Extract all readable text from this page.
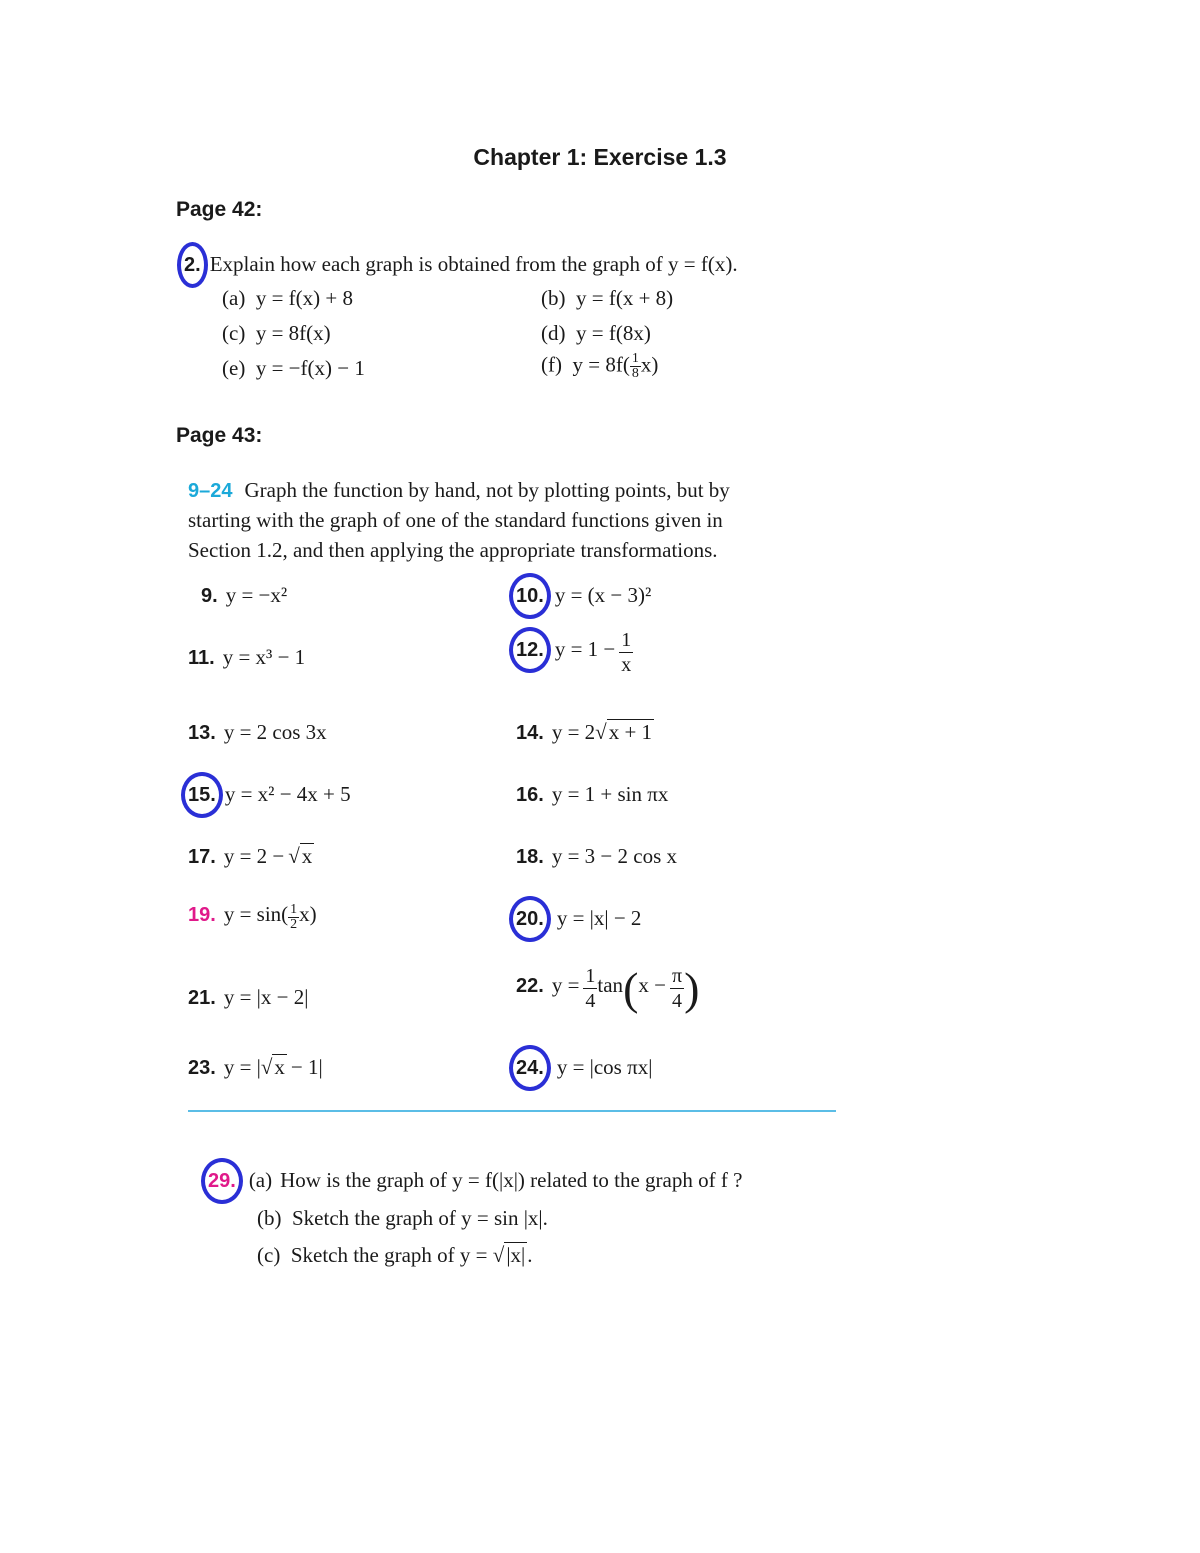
Chapter 1: Exercise 1.3
Page 42:
2. Explain how each graph is obtained from the graph of y = f(x).
(a) y = f(x) + 8	(b) y = f(x + 8)
(c) y = 8f(x)	(d) y = f(8x)
(e) y = −f(x) − 1	(f) $y = 8f( \frac{1}{8} x)$
Page 43:
9–24 Graph the function by hand, not by plotting points, but by
starting with the graph of one of the standard functions given in
Section 1.2, and then applying the appropriate transformations.
9. y = −x²	10. y = (x − 3)²
11. y = x³ − 1	12. $y = 1 - \frac{1}{x}$
13. y = 2 cos 3x	14. y = 2√x + 1
15. y = x² − 4x + 5	16. y = 1 + sin πx
17. y = 2 − √x	18. y = 3 − 2 cos x
19. $y = \sin( \frac{1}{2} x)$	20. y = |x| − 2
21. y = |x − 2|	22. $y = \frac{1}{4} \tan(x - \frac{\pi}{4}$ )
23. y = |√x − 1|	24. y = |cos πx|
29. (a) How is the graph of y = f(|x|) related to the graph of f ?
(b) Sketch the graph of y = sin |x|.
(c) Sketch the graph of y = √|x|.
